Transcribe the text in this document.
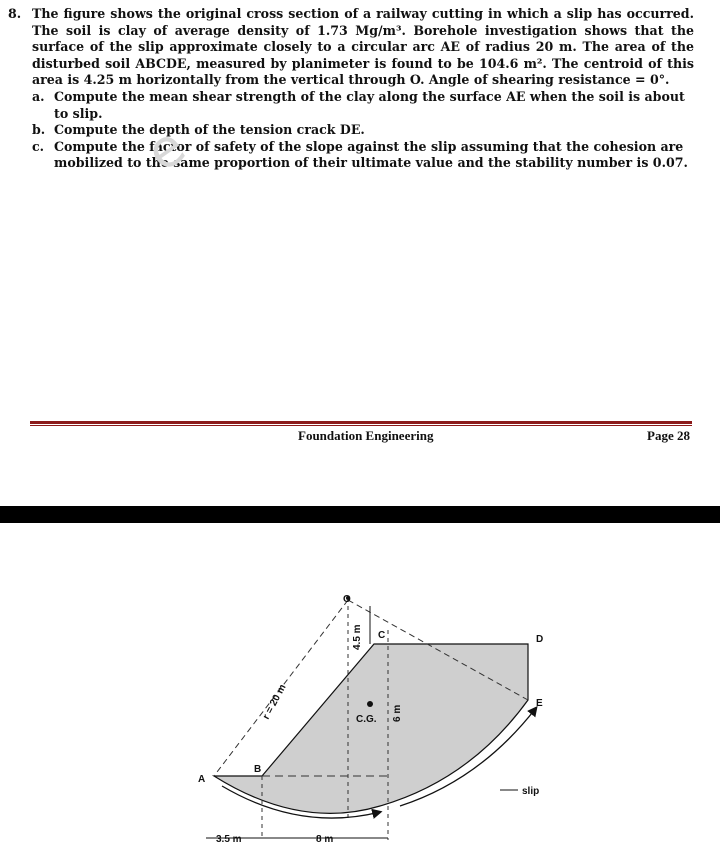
8. The figure shows the original cross section of a railway cutting in which a slip has occurred. The soil is clay of average density of 1.73 Mg/m³. Borehole investigation shows that the surface of the slip approximate closely to a circular arc AE of radius 20 m. The area of the disturbed soil ABCDE, measured by planimeter is found to be 104.6 m². The centroid of this area is 4.25 m horizontally from the vertical through O. Angle of shearing resistance = 0°.

a. Compute the mean shear strength of the clay along the surface AE when the soil is about to slip.
b. Compute the depth of the tension crack DE.
c. Compute the factor of safety of the slope against the slip assuming that the cohesion are mobilized to the same proportion of their ultimate value and the stability number is 0.07.
e
Foundation Engineering	Page 28
O
A
B
C	D
E
C.G.
r = 20 m
4.5 m
6 m
3.5 m	8 m
slip
